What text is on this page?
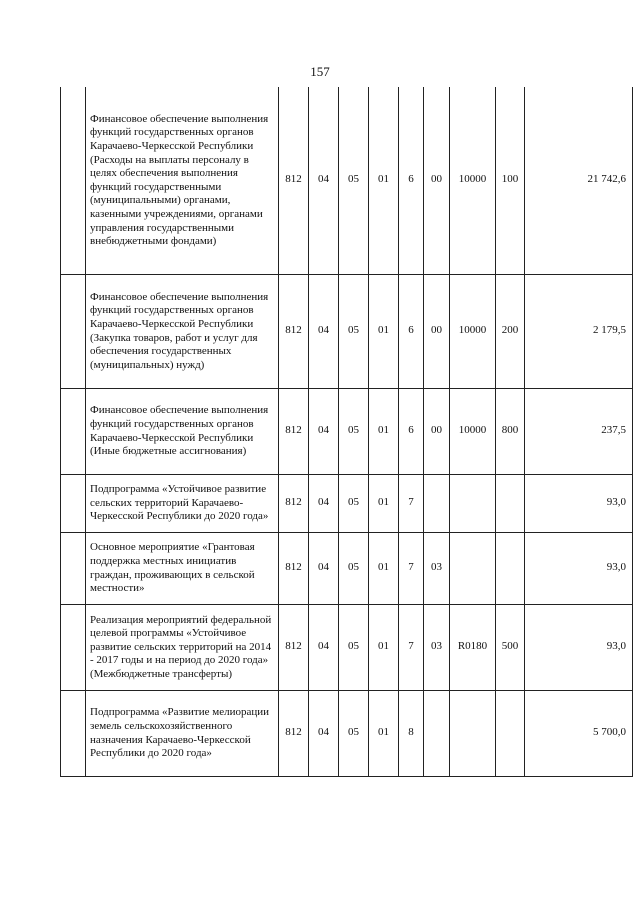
157
	Финансовое обеспечение выполнения функций государственных органов Карачаево-Черкесской Республики (Расходы на выплаты персоналу в целях обеспечения выполнения функций государственными (муниципальными) органами, казенными учреждениями, органами управления государственными внебюджетными фондами)	812	04	05	01	6	00	10000	100	21 742,6
	Финансовое обеспечение выполнения функций государственных органов Карачаево-Черкесской Республики (Закупка товаров, работ и услуг для обеспечения государственных (муниципальных) нужд)	812	04	05	01	6	00	10000	200	2 179,5
	Финансовое обеспечение выполнения функций государственных органов Карачаево-Черкесской Республики (Иные бюджетные ассигнования)	812	04	05	01	6	00	10000	800	237,5
	Подпрограмма «Устойчивое развитие сельских территорий Карачаево-Черкесской Республики до 2020 года»	812	04	05	01	7				93,0
	Основное мероприятие «Грантовая поддержка местных инициатив граждан, проживающих в сельской местности»	812	04	05	01	7	03			93,0
	Реализация мероприятий федеральной целевой программы «Устойчивое развитие сельских территорий на 2014 - 2017 годы и на период до 2020 года» (Межбюджетные трансферты)	812	04	05	01	7	03	R0180	500	93,0
	Подпрограмма «Развитие мелиорации земель сельскохозяйственного назначения Карачаево-Черкесской Республики до 2020 года»	812	04	05	01	8				5 700,0
